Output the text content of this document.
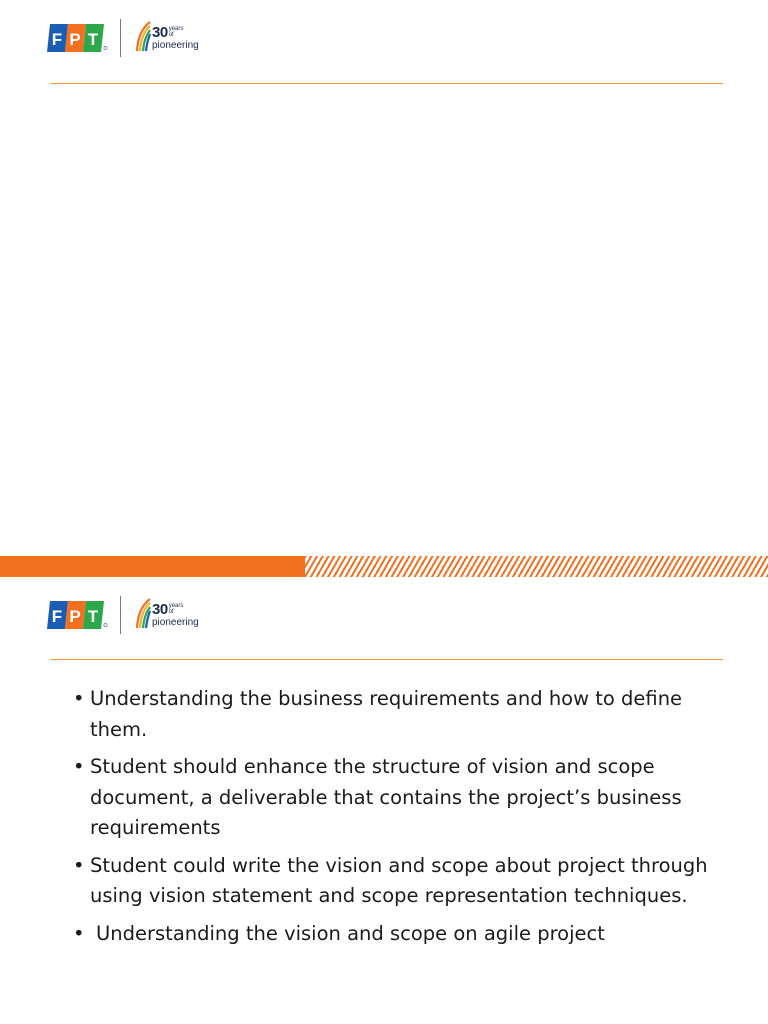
F P T	30 years
of
pioneering
F P T	30 years
of
pioneering
• Understanding the business requirements and how to define them.
• Student should enhance the structure of vision and scope document, a deliverable that contains the project’s business requirements
• Student could write the vision and scope about project through using vision statement and scope representation techniques.
• Understanding the vision and scope on agile project
